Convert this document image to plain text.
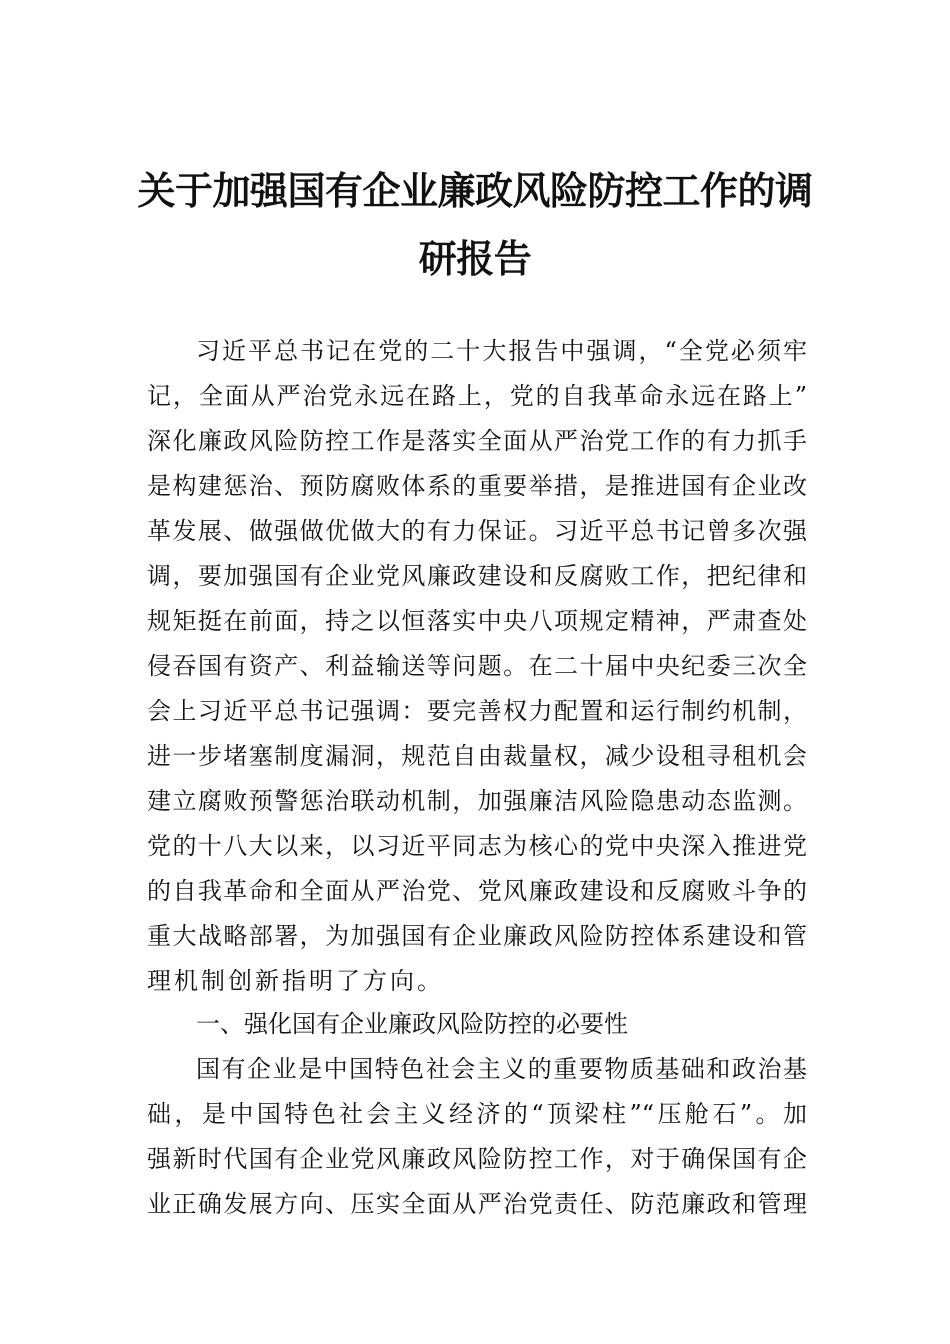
关于加强国有企业廉政风险防控工作的调
研报告
习近平总书记在党的二十大报告中强调，“全党必须牢
记，全面从严治党永远在路上，党的自我革命永远在路上”
深化廉政风险防控工作是落实全面从严治党工作的有力抓手
是构建惩治、预防腐败体系的重要举措，是推进国有企业改
革发展、做强做优做大的有力保证。习近平总书记曾多次强
调，要加强国有企业党风廉政建设和反腐败工作，把纪律和
规矩挺在前面，持之以恒落实中央八项规定精神，严肃查处
侵吞国有资产、利益输送等问题。在二十届中央纪委三次全
会上习近平总书记强调：要完善权力配置和运行制约机制，
进一步堵塞制度漏洞，规范自由裁量权，减少设租寻租机会
建立腐败预警惩治联动机制，加强廉洁风险隐患动态监测。
党的十八大以来，以习近平同志为核心的党中央深入推进党
的自我革命和全面从严治党、党风廉政建设和反腐败斗争的
重大战略部署，为加强国有企业廉政风险防控体系建设和管
理机制创新指明了方向。
一、强化国有企业廉政风险防控的必要性
国有企业是中国特色社会主义的重要物质基础和政治基
础，是中国特色社会主义经济的“顶梁柱”“压舱石”。加
强新时代国有企业党风廉政风险防控工作，对于确保国有企
业正确发展方向、压实全面从严治党责任、防范廉政和管理
